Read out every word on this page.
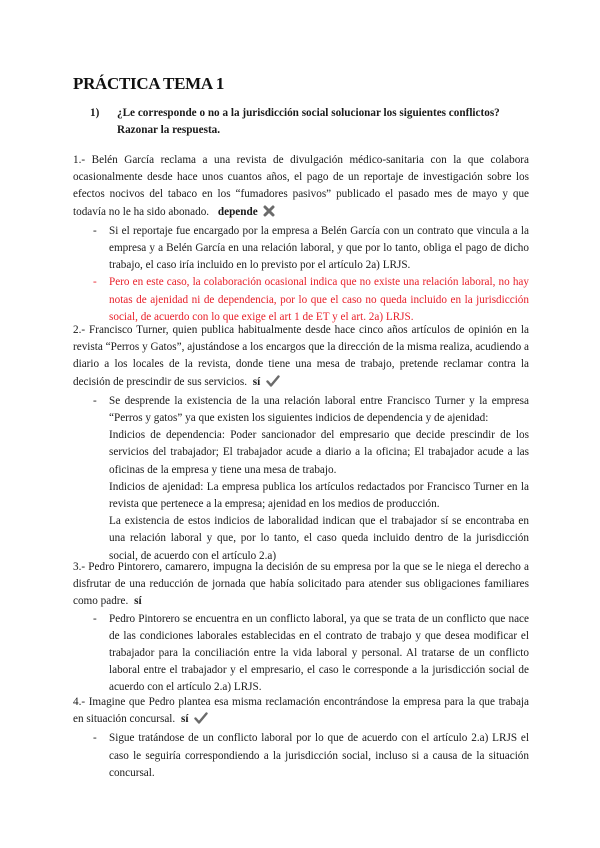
PRÁCTICA TEMA 1
1)	¿Le corresponde o no a la jurisdicción social solucionar los siguientes conflictos? Razonar la respuesta.

1.- Belén García reclama a una revista de divulgación médico-sanitaria con la que colabora ocasionalmente desde hace unos cuantos años, el pago de un reportaje de investigación sobre los efectos nocivos del tabaco en los “fumadores pasivos” publicado el pasado mes de mayo y que todavía no le ha sido abonado. depende

- Si el reportaje fue encargado por la empresa a Belén García con un contrato que vincula a la empresa y a Belén García en una relación laboral, y que por lo tanto, obliga el pago de dicho trabajo, el caso iría incluido en lo previsto por el artículo 2a) LRJS.
- Pero en este caso, la colaboración ocasional indica que no existe una relación laboral, no hay notas de ajenidad ni de dependencia, por lo que el caso no queda incluido en la jurisdicción social, de acuerdo con lo que exige el art 1 de ET y el art. 2a) LRJS.

2.- Francisco Turner, quien publica habitualmente desde hace cinco años artículos de opinión en la revista “Perros y Gatos”, ajustándose a los encargos que la dirección de la misma realiza, acudiendo a diario a los locales de la revista, donde tiene una mesa de trabajo, pretende reclamar contra la decisión de prescindir de sus servicios. sí

- Se desprende la existencia de la una relación laboral entre Francisco Turner y la empresa “Perros y gatos” ya que existen los siguientes indicios de dependencia y de ajenidad:

Indicios de dependencia: Poder sancionador del empresario que decide prescindir de los servicios del trabajador; El trabajador acude a diario a la oficina; El trabajador acude a las oficinas de la empresa y tiene una mesa de trabajo.

Indicios de ajenidad: La empresa publica los artículos redactados por Francisco Turner en la revista que pertenece a la empresa; ajenidad en los medios de producción.

La existencia de estos indicios de laboralidad indican que el trabajador sí se encontraba en una relación laboral y que, por lo tanto, el caso queda incluido dentro de la jurisdicción social, de acuerdo con el artículo 2.a)

3.- Pedro Pintorero, camarero, impugna la decisión de su empresa por la que se le niega el derecho a disfrutar de una reducción de jornada que había solicitado para atender sus obligaciones familiares como padre. sí

- Pedro Pintorero se encuentra en un conflicto laboral, ya que se trata de un conflicto que nace de las condiciones laborales establecidas en el contrato de trabajo y que desea modificar el trabajador para la conciliación entre la vida laboral y personal. Al tratarse de un conflicto laboral entre el trabajador y el empresario, el caso le corresponde a la jurisdicción social de acuerdo con el artículo 2.a) LRJS.

4.- Imagine que Pedro plantea esa misma reclamación encontrándose la empresa para la que trabaja en situación concursal. sí

- Sigue tratándose de un conflicto laboral por lo que de acuerdo con el artículo 2.a) LRJS el caso le seguiría correspondiendo a la jurisdicción social, incluso si a causa de la situación concursal.
